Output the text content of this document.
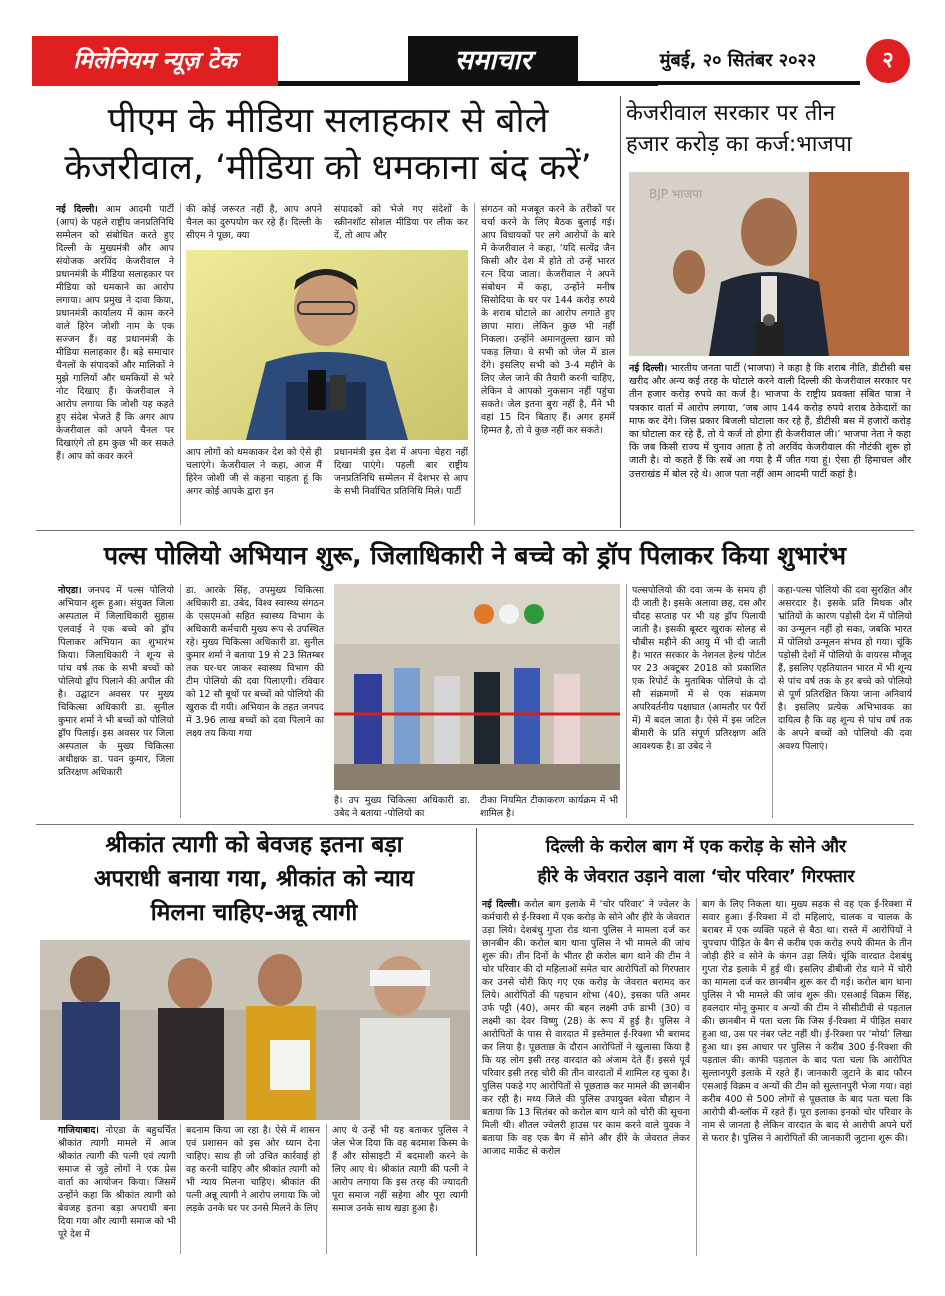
मिलेनियम न्यूज़ टेक	समाचार	मुंबई, २० सितंबर २०२२	२
पीएम के मीडिया सलाहकार से बोले
केजरीवाल, ‘मीडिया को धमकाना बंद करें’
नई दिल्ली। आम आदमी पार्टी (आप) के पहले राष्ट्रीय जनप्रतिनिधि सम्मेलन को संबोधित करते हुए दिल्ली के मुख्यमंत्री और आप संयोजक अरविंद केजरीवाल ने प्रधानमंत्री के मीडिया सलाहकार पर मीडिया को धमकाने का आरोप लगाया। आप प्रमुख ने दावा किया, प्रधानमंत्री कार्यालय में काम करने वाले हिरेन जोशी नाम के एक सज्जन हैं। वह प्रधानमंत्री के मीडिया सलाहकार हैं। बड़े समाचार चैनलों के संपादकों और मालिकों ने मुझे गालियों और धमकियों से भरे नोट दिखाए हैं। केजरीवाल ने आरोप लगाया कि जोशी यह कहते हुए संदेश भेजते हैं कि अगर आप केजरीवाल को अपने चैनल पर दिखाएंगे तो हम कुछ भी कर सकते हैं। आप को कवर करने
की कोई जरूरत नहीं है, आप अपने चैनल का दुरुपयोग कर रहे हैं। दिल्ली के सीएम ने पूछा, क्या
संपादकों को भेजे गए संदेशों के स्क्रीनशॉट सोशल मीडिया पर लीक कर दें, तो आप और
आप लोगों को धमकाकर देश को ऐसे ही चलाएंगे। केजरीवाल ने कहा, आज मैं हिरेन जोशी जी से कहना चाहता हूं कि अगर कोई आपके द्वारा इन
प्रधानमंत्री इस देश में अपना चेहरा नहीं दिखा पाएंगे। पहली बार राष्ट्रीय जनप्रतिनिधि सम्मेलन में देशभर से आप के सभी निर्वाचित प्रतिनिधि मिले। पार्टी
संगठन को मजबूत करने के तरीकों पर चर्चा करने के लिए बैठक बुलाई गई। आप विधायकों पर लगे आरोपों के बारे में केजरीवाल ने कहा, ‘यदि सत्येंद्र जैन किसी और देश में होते तो उन्हें भारत रत्न दिया जाता। केजरीवाल ने अपने संबोधन में कहा, उन्होंने मनीष सिसोदिया के घर पर 144 करोड़ रुपये के शराब घोटाले का आरोप लगाते हुए छापा मारा। लेकिन कुछ भी नहीं निकला। उन्होंने अमानतुल्ला खान को पकड़ लिया। वे सभी को जेल में डाल देंगे। इसलिए सभी को 3-4 महीने के लिए जेल जाने की तैयारी करनी चाहिए, लेकिन वे आपको नुकसान नहीं पहुंचा सकते। जेल इतना बुरा नहीं है, मैंने भी वहां 15 दिन बिताए हैं। अगर हममें हिम्मत है, तो वे कुछ नहीं कर सकते।
केजरीवाल सरकार पर तीन
हजार करोड़ का कर्ज:भाजपा
BJP भाजपा
नई दिल्ली। भारतीय जनता पार्टी (भाजपा) ने कहा है कि शराब नीति, डीटीसी बस खरीद और अन्य कई तरह के घोटाले करने वाली दिल्ली की केजरीवाल सरकार पर तीन हजार करोड़ रुपये का कर्ज है। भाजपा के राष्ट्रीय प्रवक्ता संबित पात्रा ने पत्रकार वार्ता में आरोप लगाया, ‘जब आप 144 करोड़ रुपये शराब ठेकेदारों का माफ कर देंगे। जिस प्रकार बिजली घोटाला कर रहे हैं, डीटीसी बस में हजारों करोड़ का घोटाला कर रहे हैं, तो ये कर्ज तो होगा ही केजरीवाल जी।’ भाजपा नेता ने कहा कि जब किसी राज्य में चुनाव आता है तो अरविंद केजरीवाल की नौटंकी शुरू हो जाती है। वो कहते हैं कि सबें आ गया है मैं जीत गया हूं। ऐसा ही हिमाचल और उत्तराखंड में बोल रहे थे। आज पता नहीं आम आदमी पार्टी कहां है।
पल्स पोलियो अभियान शुरू, जिलाधिकारी ने बच्चे को ड्रॉप पिलाकर किया शुभारंभ
नोएडा। जनपद में पल्स पोलियो अभियान शुरू हुआ। संयुक्त जिला अस्पताल में जिलाधिकारी सुहास एलवाई ने एक बच्चे को ड्रॉप पिलाकर अभियान का शुभारंभ किया। जिलाधिकारी ने शून्य से पांच वर्ष तक के सभी बच्चों को पोलियो ड्रॉप पिलाने की अपील की है। उद्घाटन अवसर पर मुख्य चिकित्सा अधिकारी डा. सुनील कुमार शर्मा ने भी बच्चों को पोलियो ड्रॉप पिलाई। इस अवसर पर जिला अस्पताल के मुख्य चिकित्सा अधीक्षक डा. पवन कुमार, जिला प्रतिरक्षण अधिकारी
डा. आरके सिंह, उपमुख्य चिकित्सा अधिकारी डा. उबेद, विश्व स्वास्थ्य संगठन के एसएमओ सहित स्वास्थ्य विभाग के अधिकारी कर्मचारी मुख्य रूप से उपस्थित रहे। मुख्य चिकित्सा अधिकारी डा. सुनील कुमार शर्मा ने बताया 19 से 23 सितम्बर तक घर-घर जाकर स्वास्थ्य विभाग की टीम पोलियो की दवा पिलाएगी। रविवार को 12 सौ बूथों पर बच्चों को पोलियो की खुराक दी गयी। अभियान के तहत जनपद में 3.96 लाख बच्चों को दवा पिलाने का लक्ष्य तय किया गया
है। उप मुख्य चिकित्सा अधिकारी डा. उबेद ने बताया -पोलियो का
टीका नियमित टीकाकरण कार्यक्रम में भी शामिल है।
पल्सपोलियो की दवा जन्म के समय ही दी जाती है। इसके अलावा छह, दस और चौदह सप्ताह पर भी यह ड्रॉप पिलायी जाती है। इसकी बूस्टर खुराक सोलह से चौबीस महीने की आयु में भी दी जाती है। भारत सरकार के नेशनल हेल्थ पोर्टल पर 23 अक्टूबर 2018 को प्रकाशित एक रिपोर्ट के मुताबिक पोलियो के दो सौ संक्रमणों में से एक संक्रमण अपरिवर्तनीय पक्षाघात (आमतौर पर पैरों में) में बदल जाता है। ऐसे में इस जटिल बीमारी के प्रति संपूर्ण प्रतिरक्षण अति आवश्यक है। डा उबेद ने
कहा-पल्स पोलियो की दवा सुरक्षित और असरदार है। इसके प्रति मिथक और भ्रांतियों के कारण पड़ोसी देश में पोलियो का उन्मूलन नहीं हो सका, जबकि भारत में पोलियो उन्मूलन संभव हो गया। चूंकि पड़ोसी देशों में पोलियो के वायरस मौजूद हैं, इसलिए एहतियातन भारत में भी शून्य से पांच वर्ष तक के हर बच्चे को पोलियो से पूर्ण प्रतिरक्षित किया जाना अनिवार्य है। इसलिए प्रत्येक अभिभावक का दायित्व है कि वह शून्य से पांच वर्ष तक के अपने बच्चों को पोलियो की दवा अवश्य पिलाएं।
श्रीकांत त्यागी को बेवजह इतना बड़ा
अपराधी बनाया गया, श्रीकांत को न्याय
मिलना चाहिए-अन्नू त्यागी
गाजियाबाद। नोएडा के बहुचर्चित श्रीकांत त्यागी मामले में आज श्रीकांत त्यागी की पत्नी एवं त्यागी समाज से जुड़े लोगों ने एक प्रेस वार्ता का आयोजन किया। जिसमें उन्होंने कहा कि श्रीकांत त्यागी को बेवजह इतना बड़ा अपराधी बना दिया गया और त्यागी समाज को भी पूरे देश में
बदनाम किया जा रहा है। ऐसे में शासन एवं प्रशासन को इस ओर ध्यान देना चाहिए। साथ ही जो उचित कार्रवाई हो वह करनी चाहिए और श्रीकांत त्यागी को भी न्याय मिलना चाहिए। श्रीकांत की पत्नी अन्नू त्यागी ने आरोप लगाया कि जो लड़के उनके घर पर उनसे मिलने के लिए
आए थे उन्हें भी यह बताकर पुलिस ने जेल भेज दिया कि वह बदमाश किस्म के हैं और सोसाइटी में बदमाशी करने के लिए आए थे। श्रीकांत त्यागी की पत्नी ने आरोप लगाया कि इस तरह की ज्यादती पूरा समाज नहीं सहेगा और पूरा त्यागी समाज उनके साथ खड़ा हुआ है।
दिल्ली के करोल बाग में एक करोड़ के सोने और
हीरे के जेवरात उड़ाने वाला ‘चोर परिवार’ गिरफ्तार
नई दिल्ली। करोल बाग इलाके में ‘चोर परिवार’ ने ज्वेलर के कर्मचारी से ई-रिक्शा में एक करोड़ के सोने और हीरे के जेवरात उड़ा लिये। देशबंधु गुप्ता रोड थाना पुलिस ने मामला दर्ज कर छानबीन की। करोल बाग थाना पुलिस ने भी मामले की जांच शुरू की। तीन दिनों के भीतर ही करोल बाग थाने की टीम ने चोर परिवार की दो महिलाओं समेत चार आरोपितों को गिरफ्तार कर उनसे चोरी किए गए एक करोड़ के जेवरात बरामद कर लिये। आरोपितों की पहचान शोभा (40), इसका पति अमर उर्फ पट्टी (40), अमर की बहन लक्ष्मी उर्फ डाभी (30) व लक्ष्मी का देवर विष्णु (28) के रूप में हुई है। पुलिस ने आरोपितों के पास से वारदात में इस्तेमाल ई-रिक्शा भी बरामद कर लिया है। पूछताछ के दौरान आरोपितों ने खुलासा किया है कि यह लोग इसी तरह वारदात को अंजाम देते हैं। इससे पूर्व परिवार इसी तरह चोरी की तीन वारदातों में शामिल रह चुका है। पुलिस पकड़े गए आरोपितों से पूछताछ कर मामले की छानबीन कर रही है। मध्य जिले की पुलिस उपायुक्त श्वेता चौहान ने बताया कि 13 सितंबर को करोल बाग थाने को चोरी की सूचना मिली थी। शीतल ज्वेलरी हाउस पर काम करने वाले युवक ने बताया कि वह एक बैग में सोने और हीरे के जेवरात लेकर आजाद मार्केट से करोल
बाग के लिए निकला था। मुख्य सड़क से वह एक ई-रिक्शा में सवार हुआ। ई-रिक्शा में दो महिलाएं, चालक व चालक के बराबर में एक व्यक्ति पहले से बैठा था। रास्ते में आरोपियों ने चुपचाप पीड़ित के बैग से करीब एक करोड़ रुपये कीमत के तीन जोड़ी हीरे व सोने के कंगन उड़ा लिये। चूंकि वारदात देशबंधु गुप्ता रोड इलाके में हुई थी। इसलिए डीबीजी रोड थाने में चोरी का मामला दर्ज कर छानबीन शुरू कर दी गई। करोल बाग थाना पुलिस ने भी मामले की जांच शुरू की। एसआई विक्रम सिंह, हवलदार मोनू कुमार व अन्यों की टीम ने सीसीटीवी से पड़ताल की। छानबीन में पता चला कि जिस ई-रिक्शा में पीड़ित सवार हुआ था, उस पर नंबर प्लेट नहीं थी। ई-रिक्शा पर ‘मोर्या’ लिखा हुआ था। इस आधार पर पुलिस ने करीब 300 ई-रिक्शा की पड़ताल की। काफी पड़ताल के बाद पता चला कि आरोपित सुल्तानपुरी इलाके में रहते हैं। जानकारी जुटाने के बाद फौरन एसआई विक्रम व अन्यों की टीम को सुल्तानपुरी भेजा गया। वहां करीब 400 से 500 लोगों से पूछताछ के बाद पता चला कि आरोपी बी-ब्लॉक में रहते हैं। पूरा इलाका इनको चोर परिवार के नाम से जानता है लेकिन वारदात के बाद से आरोपी अपने घरों से फरार है। पुलिस ने आरोपितों की जानकारी जुटाना शुरू की।
